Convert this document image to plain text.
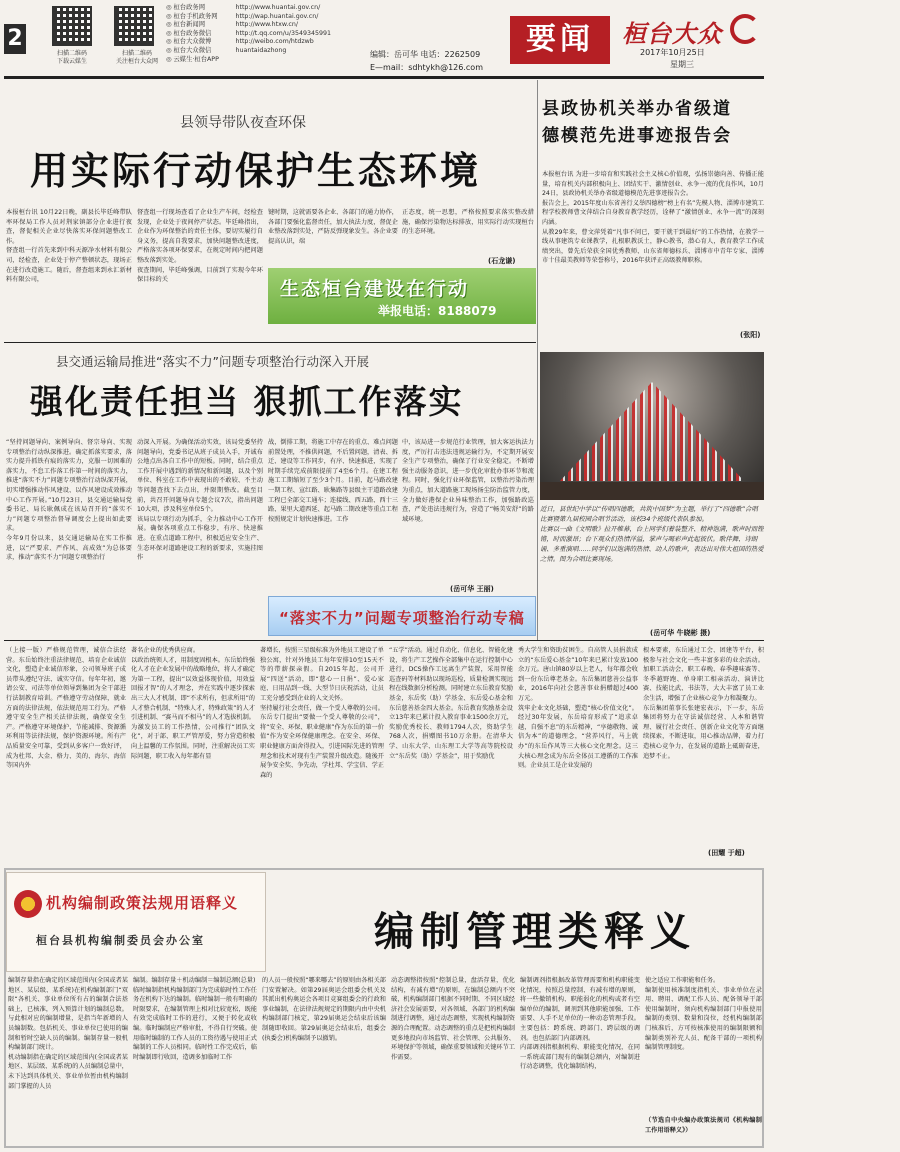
2
扫描二维码
下载云媒生
扫描二维码
关注桓台大众网
◎ 桓台政务网	http://www.huantai.gov.cn/
◎ 桓台手机政务网	http://wap.huantai.gov.cn/
◎ 桓台新闻网	http://www.htxw.cn/
◎ 桓台政务微信	http://t.qq.com/u/3549345991
◎ 桓台大众微博	http://weibo.com/htdzwb
◎ 桓台大众微信	huantaidazhong
◎ 云媒生·桓台APP
编辑：岳可华 电话：2262509
E—mail：sdhtykh@126.com
要闻	桓台大众
2017年10月25日
星期三
县领导带队夜查环保
用实际行动保护生态环境
本报桓台讯 10月22日晚，副县长毕廷峰带队率环保局工作人员对荆家镇部分企业进行夜查，督促相关企业尽快落实环保问题整改工作。
督查组一行首先来到中科天源净水材料有限公司，经检查，企业处于停产整顿状态，现场正在进行改造施工。随后，督查组来到永汇新材料有限公司，
督查组一行现场查看了企业生产车间，经检查发现，企业处于夜间停产状态。毕廷峰指出，企业作为环保整治的责任主体，要切实履行自身义务，提高自我要求，加快问题整改进度，严格落实各项环保要求，在规定时间内把问题整改落到实处。
夜查期间，毕廷峰强调，目前到了实现今年环保目标的关
键时期，这就需要各企业、各部门的通力协作，各部门要强化监督责任，加大执法力度，督促企业整改落到实处，严防反弹现象发生。各企业要提高认识，端
正态度，统一思想，严格按照要求落实整改措施，确保污染物达标排放，用实际行动实现桓台的生态环境。
(石龙谦)
生态桓台建设在行动
举报电话：8188079
县交通运输局推进“落实不力”问题专项整治行动深入开展
强化责任担当 狠抓工作落实
“坚持问题导向、案例导向、督宗导向、实现专项整治行动纵深推进。确定抓落实要求，落实力提升抓铁有痕的落实力，克服一切困难的落实力，不怠工作落工作第一时间的落实力，推进“落实不力”问题专项整治行动纵深开展，切实增强推动作风建设、以作风建设成效推动中心工作开展。”10月23日，县交通运输局党委书记、局长耿佩成在该局召开的“落实不力”问题专项整治督导调度会上提出如此要求。
今年9月份以来，县交通运输局在实工作推进，以“严要求、严作风、高成效”为总体要求，推动“落实不力”问题专项整治行
动深入开展。为确保活动实效，该局党委坚持问题导向，党委书记从班子成员入手，开诚布公地点出各自工作中的短板。同时，结合重点工作开展中遇到的新情况和新问题，以及个别单位、科室在工作中表现出的不敢较、不主动等问题查找下去点出，并限期整改。截至目前，共召开问题导向专题会议7次，指出问题10大项，涉及科室单位5个。
该局以专项行动为抓手，全力推动中心工作开展。确保各项重点工作稳步，有序、快速推进。在重点道路工程中，积极适应安全生产、生态环保对道路建设工程的新要求，实施挂图作
战，倒排工期，将施工中存在的重点、难点问题前置处理，不推供问题，不后置问题，清表、拆迁、建设等工作同步，有序、快速推进，实现了时期手续完成前限提前了4至6个月。在建工程施工工期缩短了至少3个月。目前，起马路改建一期工程、宣红路、耿集路等县级主干道路改建工程已全部交工通车；连接线、西五路、西十三路、果里大道西延、起马路二期改建等重点工程按照规定计划快速推进。工作
中，该局进一步规范行业管理，加大客运执法力度，严厉打击违法违规运输行为，不定期开展安全生产专项整治，确保了行业安全稳定。不断增强主动服务意识，进一步优化审批办事环节和流程。同时，强化行业环保监管，以整治污染治理为重点，加大道路施工现场扬尘防治监管力度，全力做好港保企业异味整治工作，加强路政巡查，严处违法违规行为，营造了“畅美安舒”的路域环境。
(岳可华 王丽)
“落实不力”问题专项整治行动专稿
县政协机关举办省级道
德模范先进事迹报告会
本报桓台讯 为进一步培育和实践社会主义核心价值观，弘扬崇德向善、传播正能量，培育机关内部积极向上、团结实干、激情创业、永争一流的优良作风，10月24日，县政协机关举办省级道德模范先进事迹报告会。
报告会上，2015年度山东省善行义举四德榜“榜上有名”先模人物、淄博市建筑工程学校教师曹文萍结合自身教育教学经历，诠释了“激情创业、永争一流”的深刻内涵。
从教29年来，曹文萍凭着“凡事不问已，要干就干到最好”的工作热情，在教学一线从事建筑专业课教学，扎根职教沃土，静心教书，潜心育人，教育教学工作成绩突出，曾先后荣获全国优秀教师、山东省师德标兵、淄博市中青年专家、淄博市十佳最美教师等荣誉称号，2016年获评正高级教师职称。
(张阳)
近日，县世纪中学以“传唱四德歌，共筑中国梦”为主题，举行了“四德歌”合唱比赛暨第九届校园合唱节活动，该校34个班级代表队参加。
比赛以一曲《文明歌》拉开帷幕，台上同学们着装整齐、精神饱满，歌声时而铿锵，时而激昂；台下观众们热情洋溢，掌声与喝彩声此起彼伏。歌伴舞、诗朗诵、多重演唱……同学们以饱满的热情、动人的歌声，表达出对伟大祖国的热爱之情。图为合唱比赛现场。
(岳可华 牛晓彬 摄)
（上接一版）严格规范管理，诚信合法经营。东岳始终注重法律规范、培育企业诚信文化，塑造企业诚信形象，公司领导班子成员带头遵纪守法、诚实守信。每年年初，邀请公安、司法等单位领导到集团为全干部进行法制教育培训。严格遵守劳动保障，就业方面的法律法规，依法规范用工行为。严格遵守安全生产相关法律法规，确保安全生产。严格遵守环境保护、节能减排、资源循环利用等法律法规，保护资源环境。所有产品质量安全可靠，受到从多客户一致好评，成为杜邦、大金、格力、美的、海尔、海信等国内外
著名企业的优秀供应商。
以政治统领人才，用制度固根本。东岳始终强化人才在企业发展中的战略地位，将人才确定为第一工程，提出“以效益体现价值，用效益回报才智”的人才理念，并在实践中逐步探索出三大人才机制、即“不求所有，但求所用”的人才整合机制、“特殊人才，特殊政策”的人才引进机制、“赛马而不相马”的人才选拔机制。为激发员工的工作热情，公司推行“团队文化”，对于部、职工严管厚爱，努力营造积极向上温馨的工作氛围。同时，注重解决员工实际问题，职工收入每年都有显
著增长，按照三星级标准为外地员工建设了单独公寓，针对外地员工每年安排10至15天不等的带薪探亲假。自2015年起，公司开展“四送”活动，即“慈心一日捐”、爱心家庭、日用品到一线、大型节日庆祝活动，让员工充分感受到企业的人文关怀。
坚持履行社会责任，做一个受人尊敬的公司。东岳专门提出“要做一个受人尊敬的公司”，将“安全、环保、职业健康”作为东岳的第一价值“作为安全环保健康理念。在安全、环保、职业健康方面舍得投入，引进国际先进的管理理念和技术对现有生产装置升级改造。随後开展争安全奖、争先动，学杜邦、学宝信、学正森的
“五学”活动。通过自动化、信息化、智能化建设，将生产工艺操作全部集中在运行控制中心进行，DCS操作工远离生产装置，采用智能巡查码等材料助以现场巡检，质量检测实现远程在线数据分析检测。同时建立东岳教育奖励基金，东岳奖（助）学基金、东岳爱心基金和东岳慈善基金四大基金。东岳教育奖励基金设立13年来已累计投入教育事业1500余万元，奖励优秀校长、教师1794人次，资助学生768人次，捐赠图书10万余册。在清华大学、山东大学、山东理工大学等高等院校设立“东岳奖（助）学基金”，用于奖励优
秀大学生和资助贫困生。自高管人员捐款成立的“东岳爱心基金”10年来已累计发放100余万元。唐山镇80岁以上老人，每年都会收到一份东岳尊老基金。东岳集团慈善公益事业，2016年向社会慈善事业捐赠超过400万元。
筑牢企业文化基础，塑造“核心价值文化”。经过30年发展，东岳培育形成了“追求卓越，自强不息”的东岳精神，“享德敬物、诚信为本”的道德理念，“营养风行，马上就办”的东岳作风等三大核心文化理念。这三大核心理念成为东岳全体员工遵循的工作准则。企业员工是企业发展的
根本要素，东岳通过工会、团建等平台，积极参与社会文化一些丰富多彩的业余活动。加职工活动会、职工春晚、春季趣味赛等、冬季越野跑、单身职工相亲活动、演讲比赛、技能比武、书法等，大大丰富了员工业余生活，增强了企业核心竞争力和凝聚力。
东岳集团董事长张建宏表示，下一步，东岳集团将努力在守法诚信经营、人本和谐管理、履行社会责任、创新企业文化等方面继续探索，不断进取，用心推动品牌，着力打造核心竞争力，在发展的道路上砥砺奋进，追梦不止。
(田耀 于超)
机构编制政策法规用语释义
桓台县机构编制委员会办公室	编制管理类释义
编制存量指在确定的区域范围内(全国或者某地区、某层级、某系统)在机构编制部门“双限“各机关、事业单位所有占的编制合法基础上，已核准，列入预算计划的编制总数。与此相对应的编制增量，是指当年新增的人员编制数。包括机关、事业单位已使用的编制和暂时空缺人员的编制。编制存量一般机构编制部门统计。
机动编制指在确定的区域范围内(全国或者某地区、某层级、某系统)的人员编制总量中，未下达到具体机关、事业单位暂由机构编制部门掌握的人员
编制。编制存量＋机动编制＝编制总额(总量)
临时编制指机构编制部门为完成临时性工作任务在机构下达的编制。临时编制一般有明确的时限要求，在编制管理上相对比较宽松，既能有效完成临时工作的进行，又便于转化或收编。临时编制应严格审批，不得自行突破。使用临时编制的工作人员的工资待遇与使用正式编制的工作人员相同。临时性工作完成后，临时编制即行收回，造调多加临时工作
的人员一般按照“哪来哪去”的原则由各相关部门安置解决。如第29届奥运会组委会机关及其派出机构奥运会各项目竞赛组委会的行政和事业编制，在法律法规规定的期限内由中央机构编制部门核定，第29届奥运会结束后该编制随即收回。第29届奥运会结束后，组委会(执委会)机构编制予以撤销。
动态调整指按照“控制总量，盘活存量，优化结构，有减有增”的原则，在编制总额内不突破，机构编制部门根据不同时期、不同区域经济社会发展需要，对各领域、各部门的机构编制进行调整，通过动态调整，实现机构编制资源的合理配置。动态调整的重点是把机构编制更多地投向市场监管、社会管理、公共服务、环境保护等领域，确保重要领域和关键环节工作需要。
编制调剂指根据改革管理需要和机构职能变化情况，按照总量控制、有减有增的原则，将一些撤销机构、职能弱化的机构或者有空编单位的编制，调剂到其他职能加强、工作需要、人手不足单位的一种动态管理手段。主要包括：跨系统、跨部门、跨层级的调剂。也包括部门内部调剂。
内部调剂指根据机构、职能变化情况，在同一系统或部门现有的编制总额内，对编制进行动态调整，优化编制结构，
使之适应工作职能和任务。
编制使用核准制度指机关、事业单位在录用、聘用、调配工作人员、配备领导干部使用编制时，须向机构编制部门申报使用编制的类别、数量和岗位，经机构编制部门核准后，方可按核准使用的编制限额和编制类别补充人员、配备干部的一项机构编制管理制度。
（节选自中央编办政策法规司《机构编制工作用语释义》）
